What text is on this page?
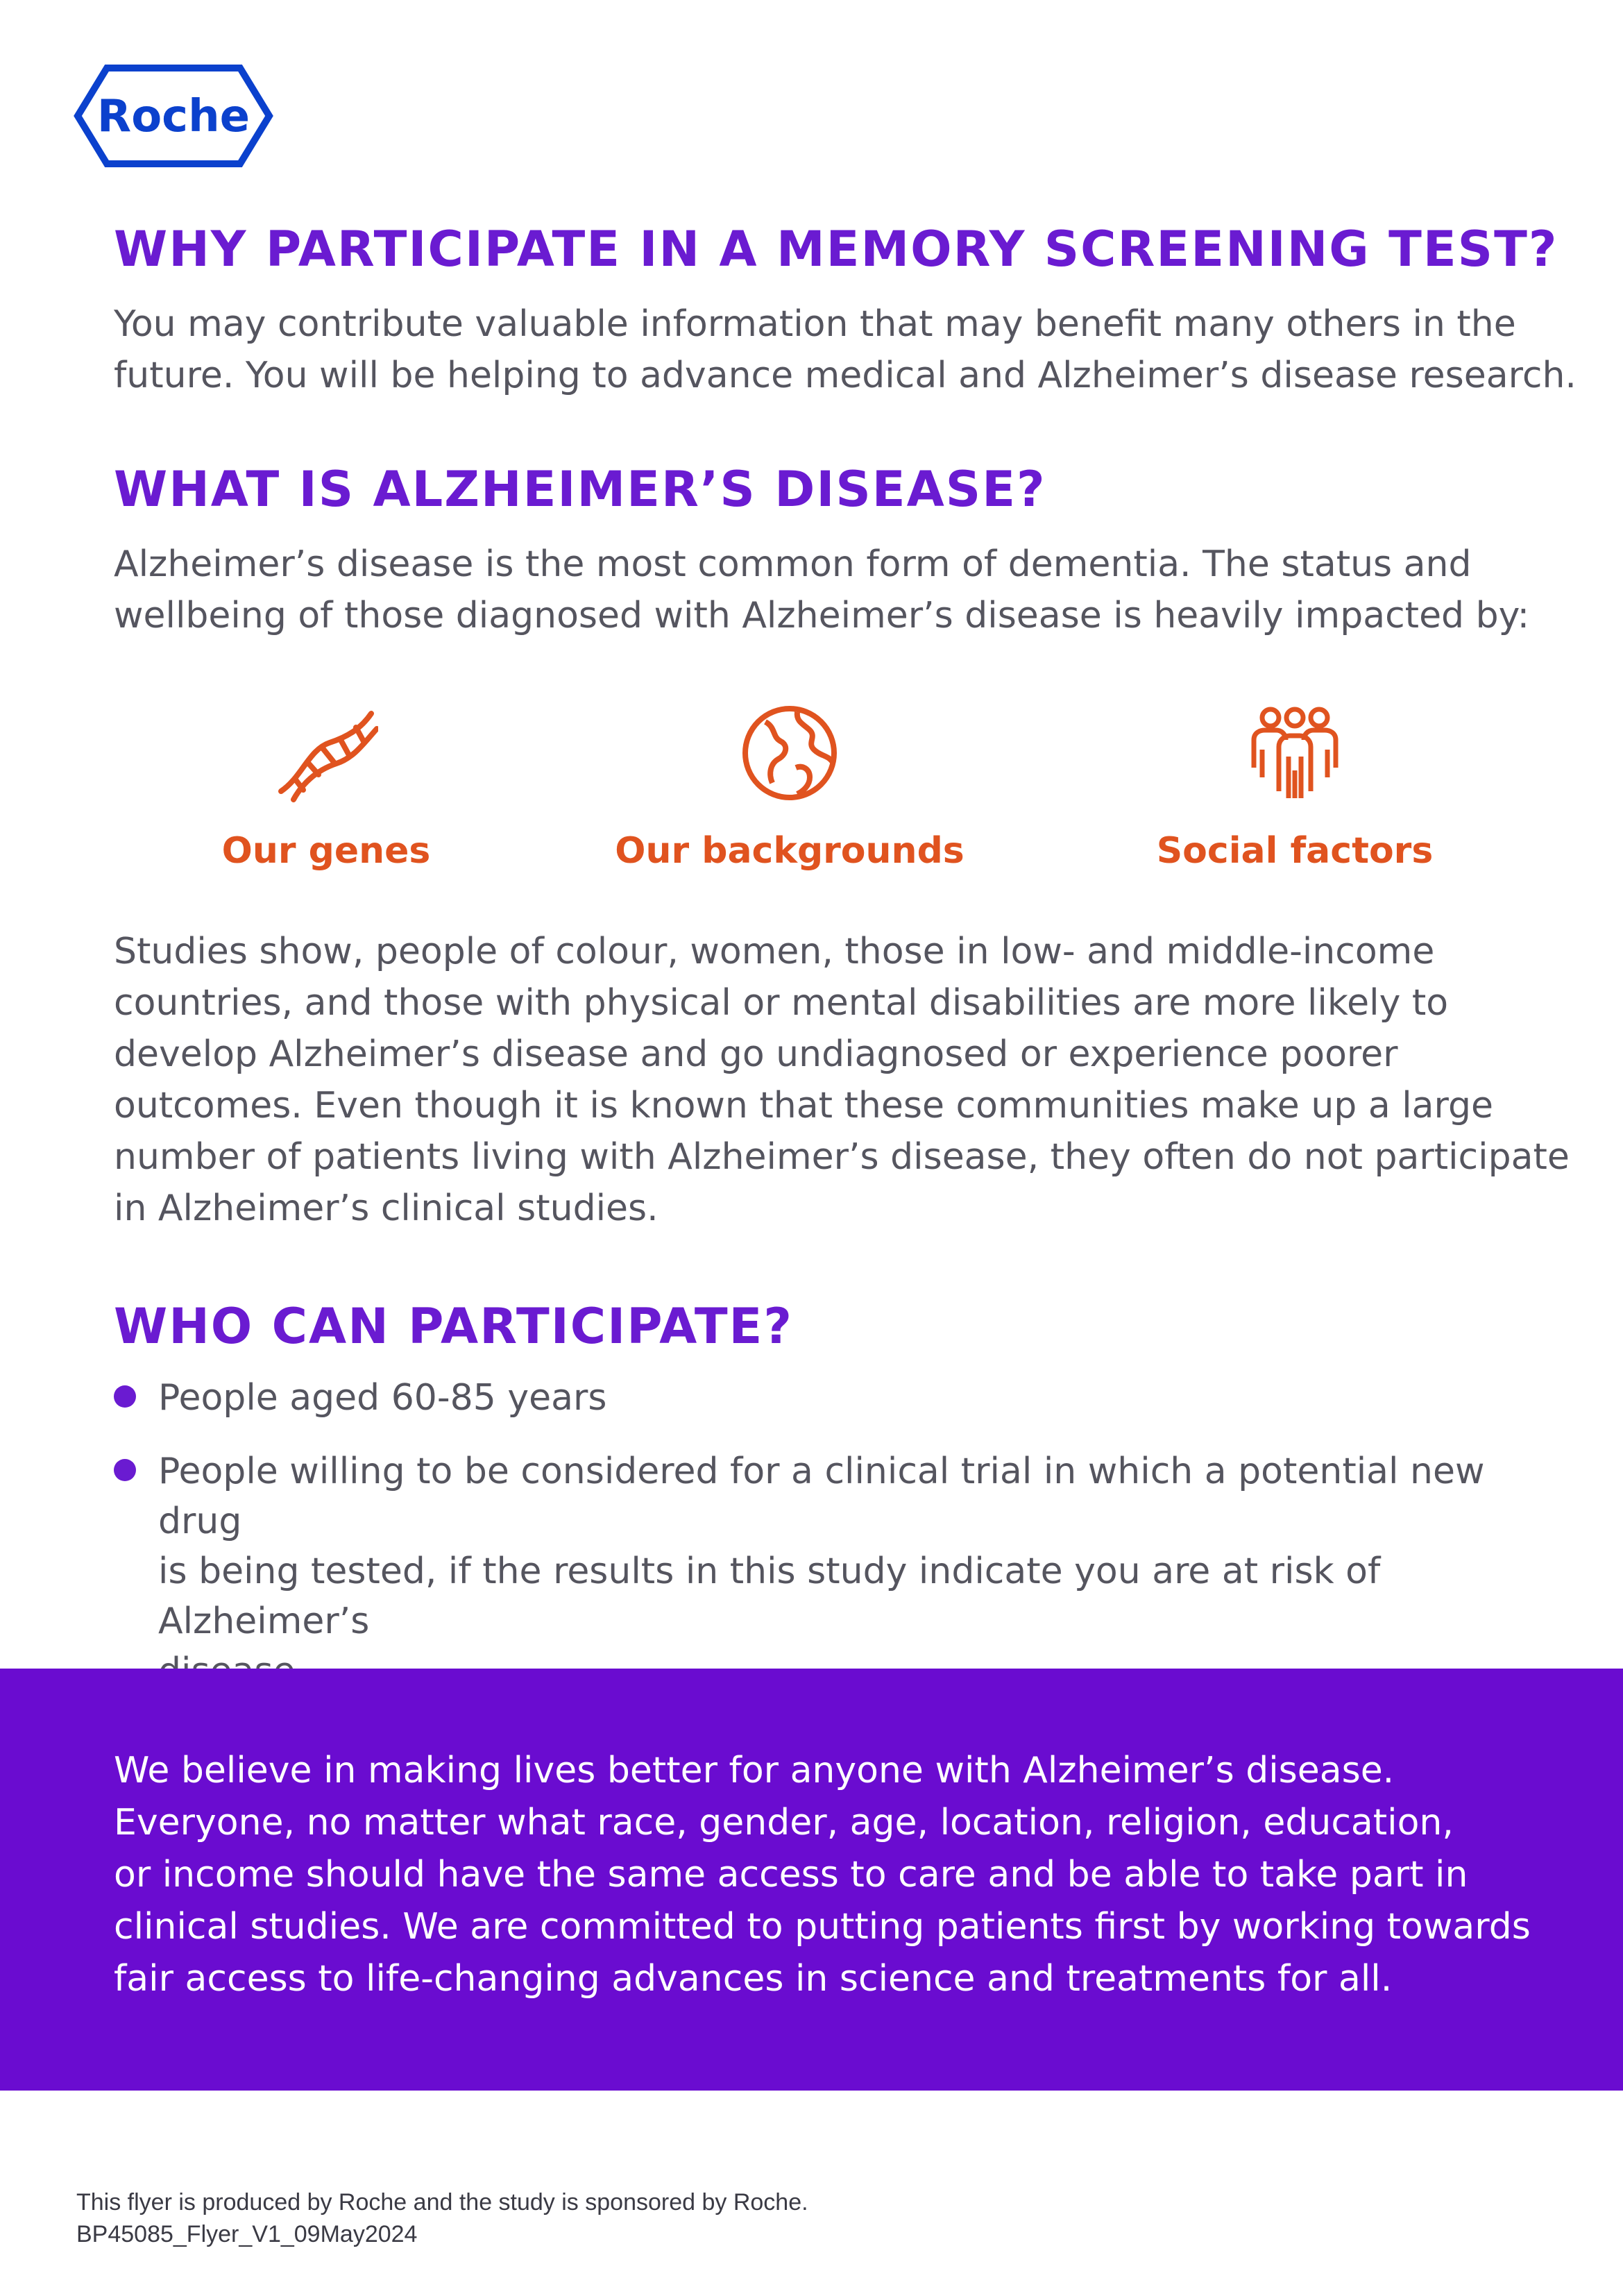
Roche
WHY PARTICIPATE IN A MEMORY SCREENING TEST?

You may contribute valuable information that may benefit many others in the
future. You will be helping to advance medical and Alzheimer’s disease research.

WHAT IS ALZHEIMER’S DISEASE?

Alzheimer’s disease is the most common form of dementia. The status and
wellbeing of those diagnosed with Alzheimer’s disease is heavily impacted by:

Our genes	Our backgrounds	Social factors

Studies show, people of colour, women, those in low- and middle-income
countries, and those with physical or mental disabilities are more likely to
develop Alzheimer’s disease and go undiagnosed or experience poorer
outcomes. Even though it is known that these communities make up a large
number of patients living with Alzheimer’s disease, they often do not participate
in Alzheimer’s clinical studies.

WHO CAN PARTICIPATE?
People aged 60-85 years
People willing to be considered for a clinical trial in which a potential new drug
is being tested, if the results in this study indicate you are at risk of Alzheimer’s

We believe in making lives better for anyone with Alzheimer’s disease.
Everyone, no matter what race, gender, age, location, religion, education,
or income should have the same access to care and be able to take part in
clinical studies. We are committed to putting patients first by working towards
fair access to life-changing advances in science and treatments for all.

This flyer is produced by Roche and the study is sponsored by Roche.
BP45085_Flyer_V1_09May2024
